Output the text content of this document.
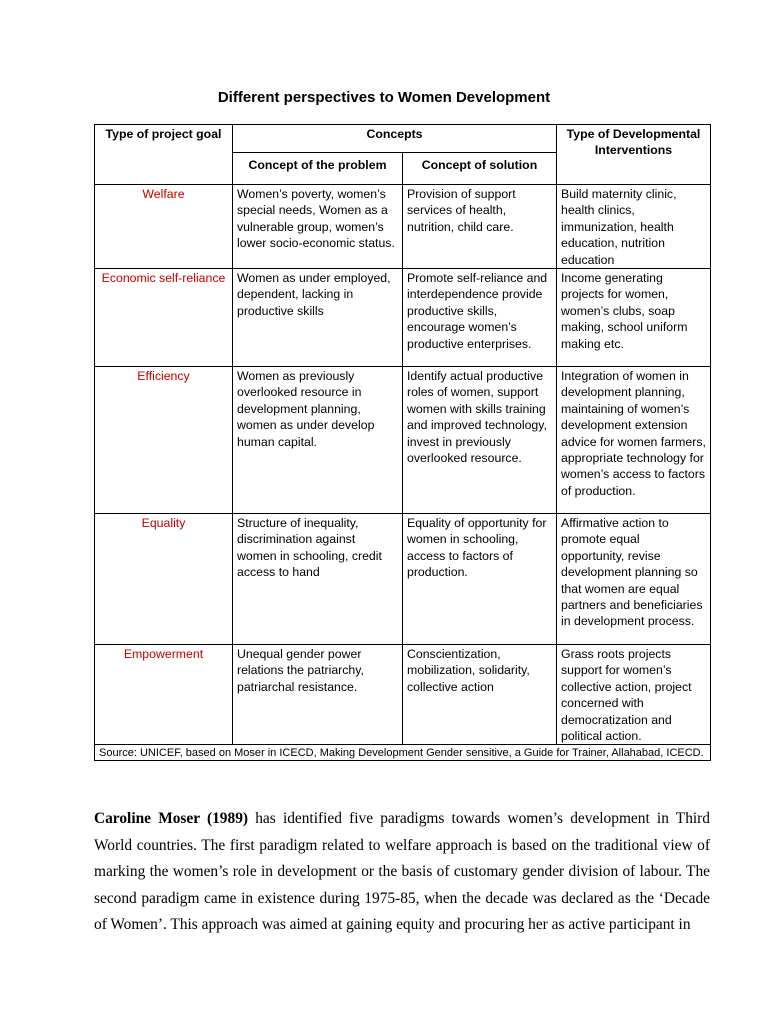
Different perspectives to Women Development
Type of project goal	Concepts		Type of Developmental Interventions
	Concept of the problem	Concept of solution	
Welfare	Women’s poverty, women’s special needs, Women as a vulnerable group, women’s lower socio-economic status.	Provision of support services of health, nutrition, child care.	Build maternity clinic, health clinics, immunization, health education, nutrition education
Economic self-reliance	Women as under employed, dependent, lacking in productive skills	Promote self-reliance and interdependence provide productive skills, encourage women’s productive enterprises.	Income generating projects for women, women’s clubs, soap making, school uniform making etc.
Efficiency	Women as previously overlooked resource in development planning, women as under develop human capital.	Identify actual productive roles of women, support women with skills training and improved technology, invest in previously overlooked resource.	Integration of women in development planning, maintaining of women’s development extension advice for women farmers, appropriate technology for women’s access to factors of production.
Equality	Structure of inequality, discrimination against women in schooling, credit access to hand	Equality of opportunity for women in schooling, access to factors of production.	Affirmative action to promote equal opportunity, revise development planning so that women are equal partners and beneficiaries in development process.
Empowerment	Unequal gender power relations the patriarchy, patriarchal resistance.	Conscientization, mobilization, solidarity, collective action	Grass roots projects support for women’s collective action, project concerned with democratization and political action.
Source: UNICEF, based on Moser in ICECD, Making Development Gender sensitive, a Guide for Trainer, Allahabad, ICECD.			

Caroline Moser (1989) has identified five paradigms towards women’s development in Third World countries. The first paradigm related to welfare approach is based on the traditional view of marking the women’s role in development or the basis of customary gender division of labour. The second paradigm came in existence during 1975-85, when the decade was declared as the ‘Decade of Women’. This approach was aimed at gaining equity and procuring her as active participant in
